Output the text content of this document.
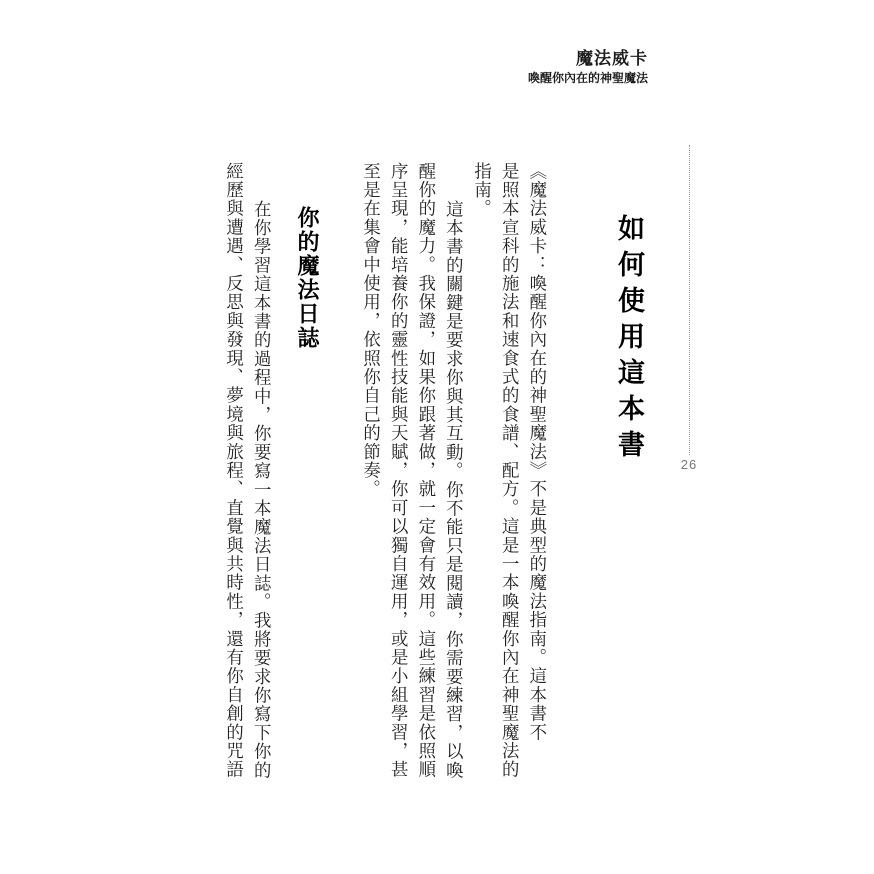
魔法威卡
喚醒你內在的神聖魔法
26
如何使用這本書
《魔法威卡：喚醒你內在的神聖魔法》不是典型的魔法指南。這本書不
是照本宣科的施法和速食式的食譜、配方。這是一本喚醒你內在神聖魔法的
指南。
這本書的關鍵是要求你與其互動。你不能只是閱讀，你需要練習，以喚
醒你的魔力。我保證，如果你跟著做，就一定會有效用。這些練習是依照順
序呈現，能培養你的靈性技能與天賦，你可以獨自運用，或是小組學習，甚
至是在集會中使用，依照你自己的節奏。
你的魔法日誌
在你學習這本書的過程中，你要寫一本魔法日誌。我將要求你寫下你的
經歷與遭遇、反思與發現、夢境與旅程、直覺與共時性，還有你自創的咒語
